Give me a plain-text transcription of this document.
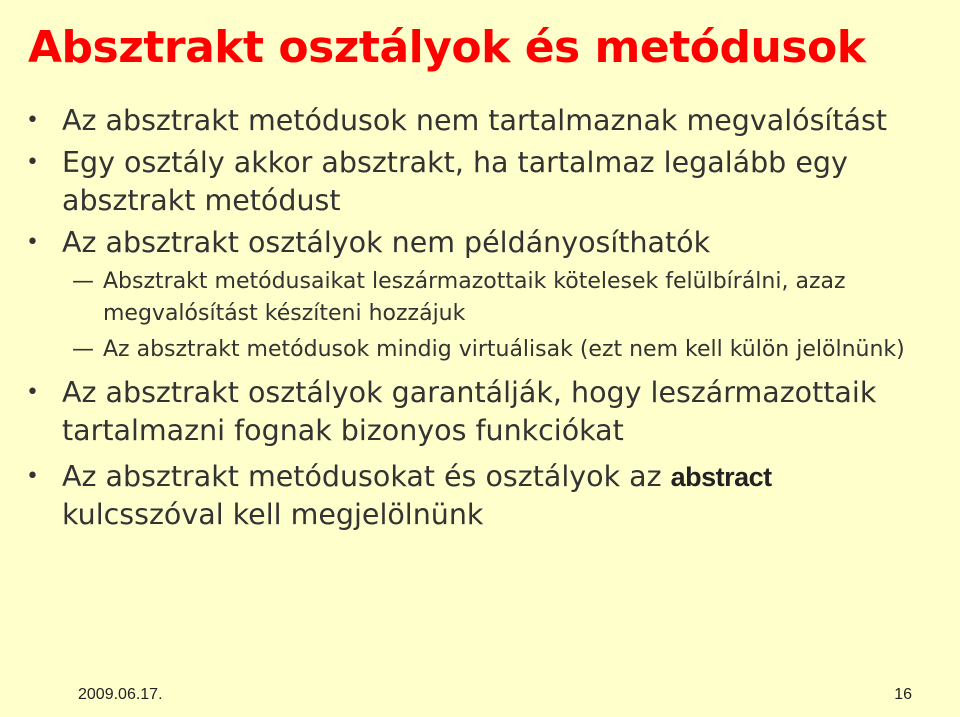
Absztrakt osztályok és metódusok

• Az absztrakt metódusok nem tartalmaznak megvalósítást

• Egy osztály akkor absztrakt, ha tartalmaz legalább egy absztrakt metódust

• Az absztrakt osztályok nem példányosíthatók

— Absztrakt metódusaikat leszármazottaik kötelesek felülbírálni, azaz megvalósítást készíteni hozzájuk

— Az absztrakt metódusok mindig virtuálisak (ezt nem kell külön jelölnünk)

• Az absztrakt osztályok garantálják, hogy leszármazottaik tartalmazni fognak bizonyos funkciókat

• Az absztrakt metódusokat és osztályok az abstract kulcsszóval kell megjelölnünk

2009.06.17.	16
